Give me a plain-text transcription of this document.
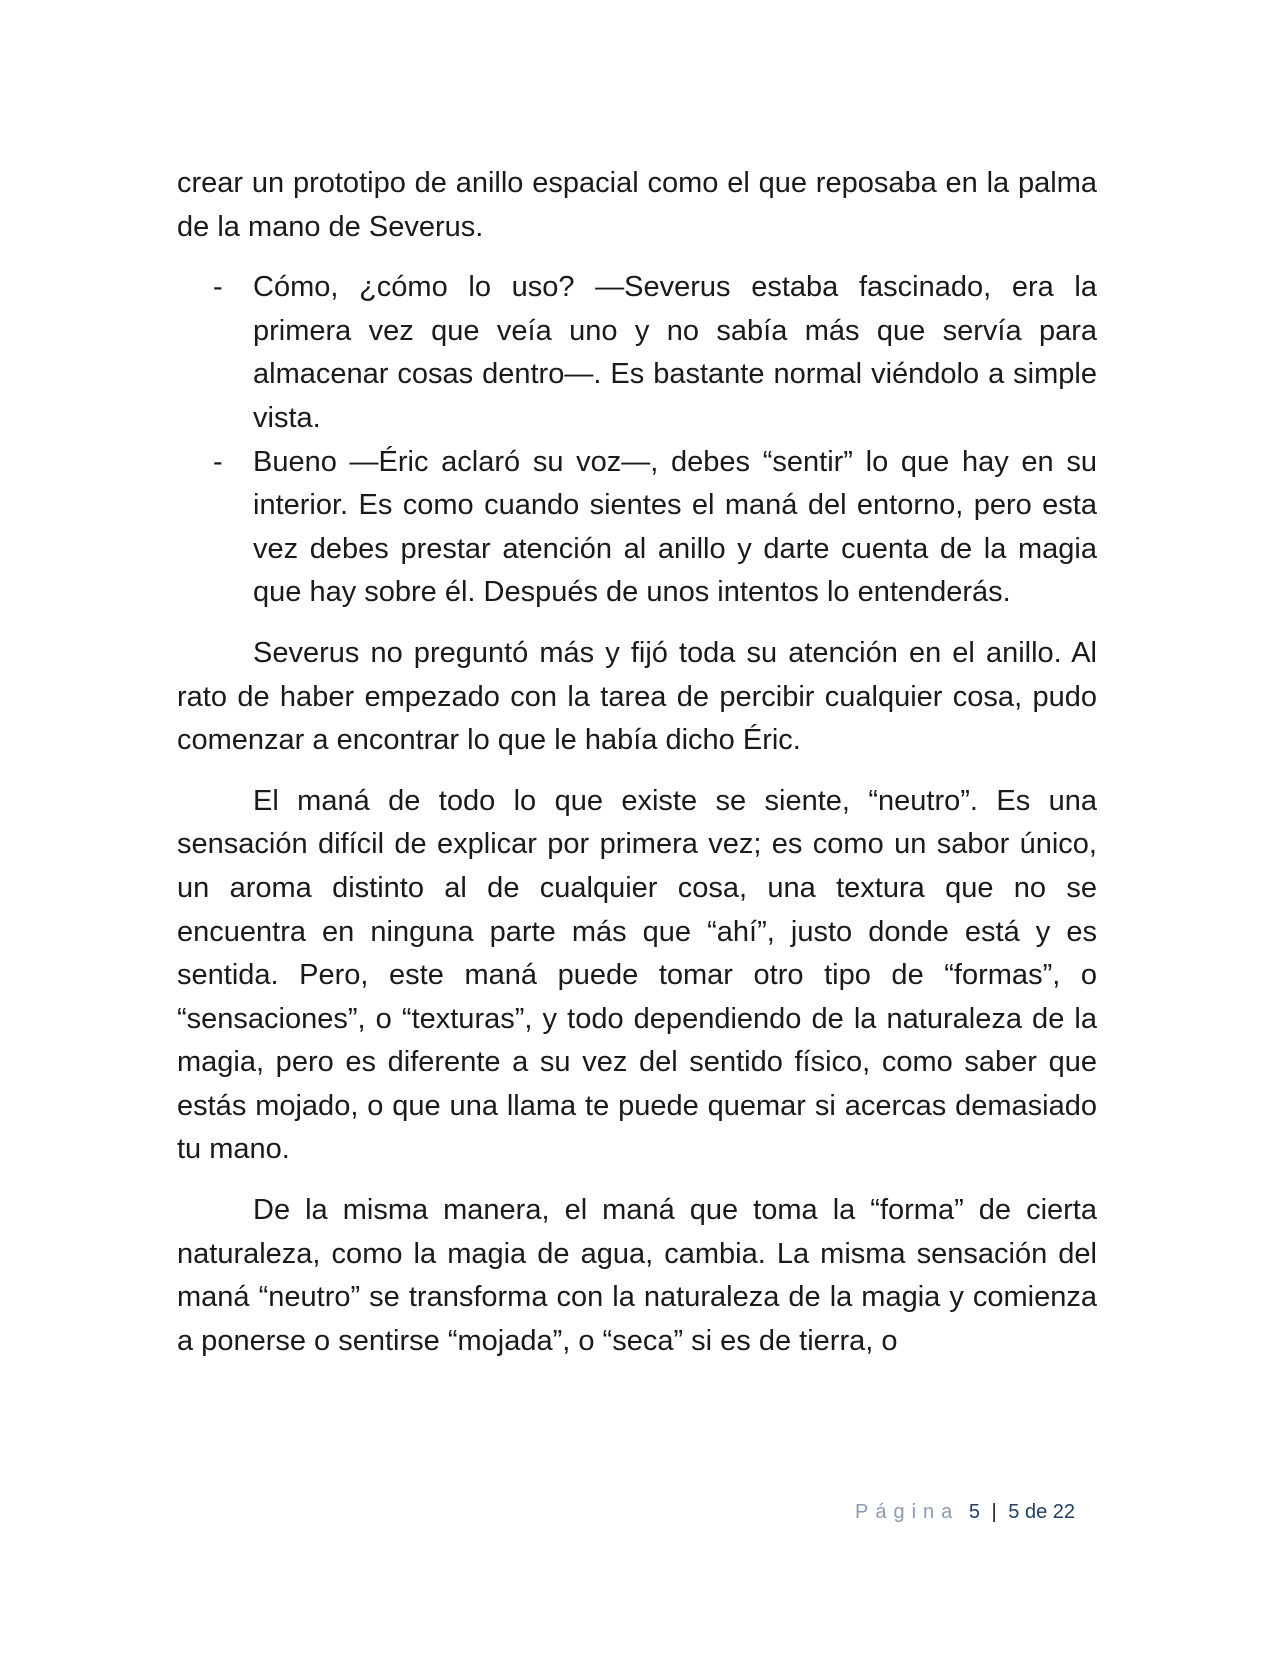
crear un prototipo de anillo espacial como el que reposaba en la palma de la mano de Severus.

- Cómo, ¿cómo lo uso? —Severus estaba fascinado, era la primera vez que veía uno y no sabía más que servía para almacenar cosas dentro—. Es bastante normal viéndolo a simple vista.
- Bueno —Éric aclaró su voz—, debes “sentir” lo que hay en su interior. Es como cuando sientes el maná del entorno, pero esta vez debes prestar atención al anillo y darte cuenta de la magia que hay sobre él. Después de unos intentos lo entenderás.

Severus no preguntó más y fijó toda su atención en el anillo. Al rato de haber empezado con la tarea de percibir cualquier cosa, pudo comenzar a encontrar lo que le había dicho Éric.

El maná de todo lo que existe se siente, “neutro”. Es una sensación difícil de explicar por primera vez; es como un sabor único, un aroma distinto al de cualquier cosa, una textura que no se encuentra en ninguna parte más que “ahí”, justo donde está y es sentida. Pero, este maná puede tomar otro tipo de “formas”, o “sensaciones”, o “texturas”, y todo dependiendo de la naturaleza de la magia, pero es diferente a su vez del sentido físico, como saber que estás mojado, o que una llama te puede quemar si acercas demasiado tu mano.

De la misma manera, el maná que toma la “forma” de cierta naturaleza, como la magia de agua, cambia. La misma sensación del maná “neutro” se transforma con la naturaleza de la magia y comienza a ponerse o sentirse “mojada”, o “seca” si es de tierra, o

Página 5 | 5 de 22
